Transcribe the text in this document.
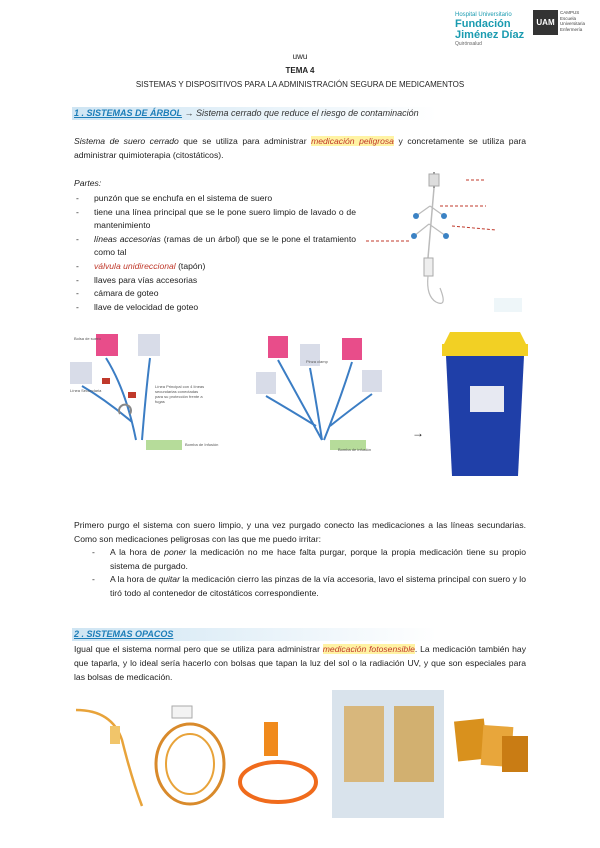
Hospital Universitario
Fundación Jiménez Díaz
Quirónsalud
UAMCAMPUS Escuela Universitaria Enfermería
uwu
TEMA 4
SISTEMAS Y DISPOSITIVOS PARA LA ADMINISTRACIÓN SEGURA DE MEDICAMENTOS
1 . SISTEMAS DE ÁRBOL → Sistema cerrado que reduce el riesgo de contaminación

Sistema de suero cerrado que se utiliza para administrar medicación peligrosa y concretamente se utiliza para administrar quimioterapia (citostáticos).

Partes:
- punzón que se enchufa en el sistema de suero
- tiene una línea principal que se le pone suero limpio de lavado o de mantenimiento
- líneas accesorias (ramas de un árbol) que se le pone el tratamiento como tal
- válvula unidireccional (tapón)
- llaves para vías accesorias
- cámara de goteo
- llave de velocidad de goteo
Línea Secundaria
Bolsa de suero
Línea Principal con 4 líneas secundarias conectadas para su protección frente a fugas
Bomba de Infusión
Pinza clamp
Bomba de infusión
→

Primero purgo el sistema con suero limpio, y una vez purgado conecto las medicaciones a las líneas secundarias. Como son medicaciones peligrosas con las que me puedo irritar:

- A la hora de poner la medicación no me hace falta purgar, porque la propia medicación tiene su propio sistema de purgado.
- A la hora de quitar la medicación cierro las pinzas de la vía accesoria, lavo el sistema principal con suero y lo tiró todo al contenedor de citostáticos correspondiente.
2 . SISTEMAS OPACOS

Igual que el sistema normal pero que se utiliza para administrar medicación fotosensible. La medicación también hay que taparla, y lo ideal sería hacerlo con bolsas que tapan la luz del sol o la radiación UV, y que son especiales para las bolsas de medicación.
